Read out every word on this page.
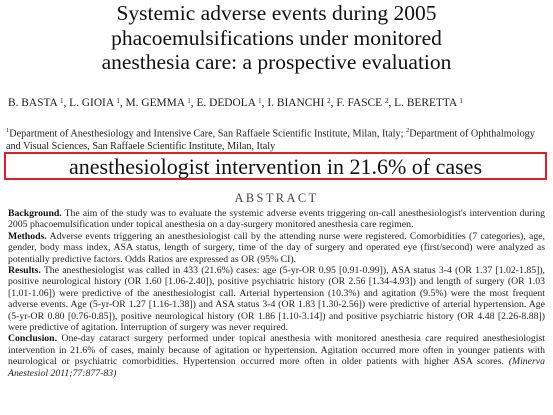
Systemic adverse events during 2005
phacoemulsifications under monitored
anesthesia care: a prospective evaluation
B. BASTA $^1$, L. GIOIA $^1$, M. GEMMA $^1$, E. DEDOLA $^1$, I. BIANCHI $^2$, F. FASCE $^2$, L. BERETTA $^1$
$^1$Department of Anesthesiology and Intensive Care, San Raffaele Scientific Institute, Milan, Italy; $^2$Department of Ophthalmology and Visual Sciences, San Raffaele Scientific Institute, Milan, Italy
anesthesiologist intervention in 21.6% of cases
ABSTRACT

Background. The aim of the study was to evaluate the systemic adverse events triggering on-call anesthesiologist's intervention during 2005 phacoemulsification under topical anesthesia on a day-surgery monitored anesthesia care regimen.

Methods. Adverse events triggering an anesthesiologist call by the attending nurse were registered. Comorbidities (7 categories), age, gender, body mass index, ASA status, length of surgery, time of the day of surgery and operated eye (first/second) were analyzed as potentially predictive factors. Odds Ratios are expressed as OR (95% CI).

Results. The anesthesiologist was called in 433 (21.6%) cases: age (5-yr-OR 0.95 [0.91-0.99]), ASA status 3-4 (OR 1.37 [1.02-1.85]), positive neurological history (OR 1.60 [1.06-2.40]), positive psychiatric history (OR 2.56 [1.34-4.93]) and length of surgery (OR 1.03 [1.01-1.06]) were predictive of the anesthesiologist call. Arterial hypertension (10.3%) and agitation (9.5%) were the most frequent adverse events. Age (5-yr-OR 1.27 [1.16-1.38]) and ASA status 3-4 (OR 1.83 [1.30-2.56]) were predictive of arterial hypertension. Age (5-yr-OR 0.80 [0.76-0.85]), positive neurological history (OR 1.86 [1.10-3.14]) and positive psychiatric history (OR 4.48 [2.26-8.88]) were predictive of agitation. Interruption of surgery was never required.

Conclusion. One-day cataract surgery performed under topical anesthesia with monitored anesthesia care required anesthesiologist intervention in 21.6% of cases, mainly because of agitation or hypertension. Agitation occurred more often in younger patients with neurological or psychiatric comorbidities. Hypertension occurred more often in older patients with higher ASA scores. (Minerva Anestesiol 2011;77:877-83)
